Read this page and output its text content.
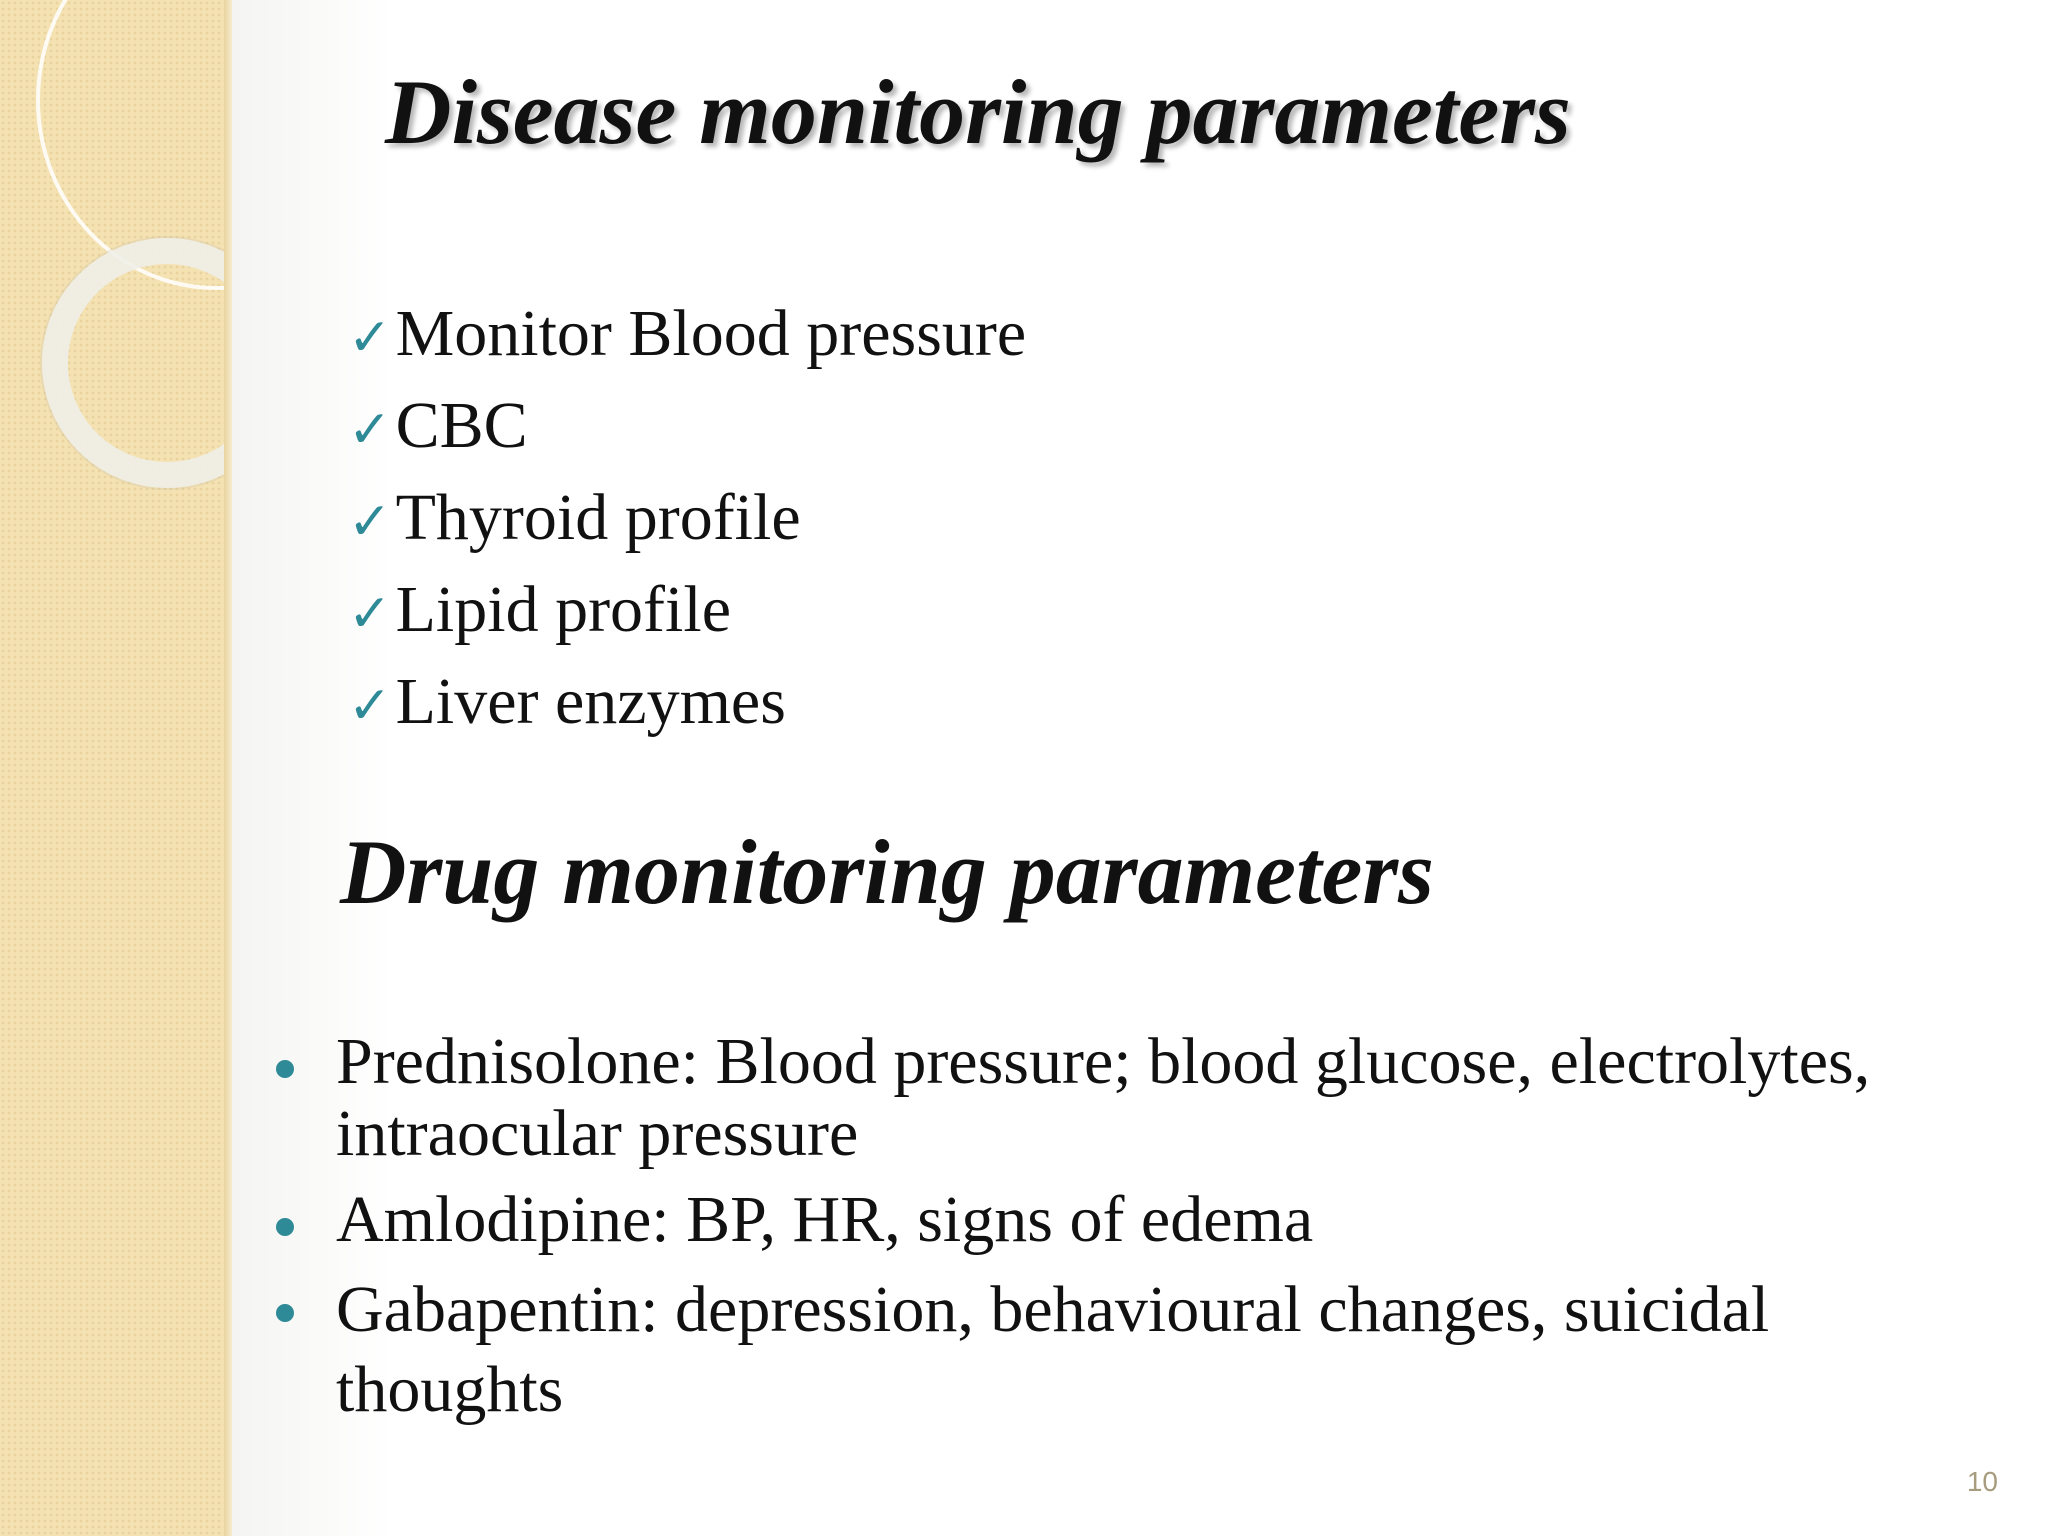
Disease monitoring parameters
✓ Monitor Blood pressure
✓ CBC
✓ Thyroid profile
✓ Lipid profile
✓ Liver enzymes
Drug monitoring parameters
Prednisolone: Blood pressure; blood glucose, electrolytes, intraocular pressure
Amlodipine: BP, HR, signs of edema
Gabapentin: depression, behavioural changes, suicidal thoughts
10
